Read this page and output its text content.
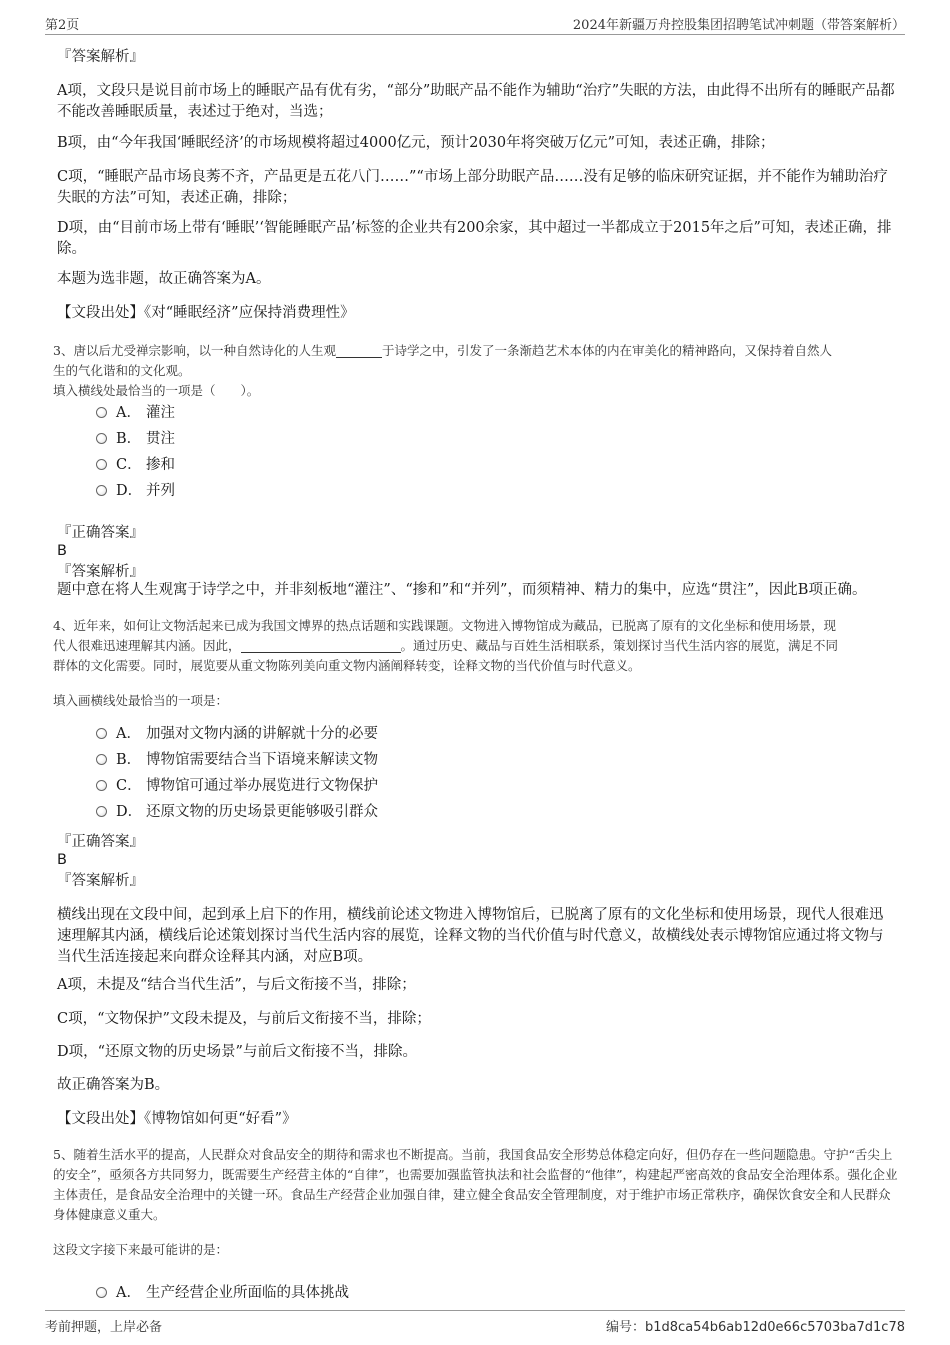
第2页	2024年新疆万舟控股集团招聘笔试冲刺题（带答案解析）
『答案解析』
A项，文段只是说目前市场上的睡眠产品有优有劣，“部分”助眠产品不能作为辅助“治疗”失眠的方法，由此得不出所有的睡眠产品都不能改善睡眠质量，表述过于绝对，当选；
B项，由“今年我国‘睡眠经济’的市场规模将超过4000亿元，预计2030年将突破万亿元”可知，表述正确，排除；
C项，“睡眠产品市场良莠不齐，产品更是五花八门……”“市场上部分助眠产品……没有足够的临床研究证据，并不能作为辅助治疗失眠的方法”可知，表述正确，排除；
D项，由“目前市场上带有‘睡眠’‘智能睡眠产品’标签的企业共有200余家，其中超过一半都成立于2015年之后”可知，表述正确，排除。
本题为选非题，故正确答案为A。
【文段出处】《对“睡眠经济”应保持消费理性》
3、唐以后尤受禅宗影响，以一种自然诗化的人生观	于诗学之中，引发了一条渐趋艺术本体的内在审美化的精神路向，又保持着自然人
生的气化谐和的文化观。
填入横线处最恰当的一项是（　　）。
A． 灌注
B． 贯注
C． 掺和
D． 并列
『正确答案』
B
『答案解析』
题中意在将人生观寓于诗学之中，并非刻板地“灌注”、“掺和”和“并列”，而须精神、精力的集中，应选“贯注”，因此B项正确。
4、近年来，如何让文物活起来已成为我国文博界的热点话题和实践课题。文物进入博物馆成为藏品，已脱离了原有的文化坐标和使用场景，现
代人很难迅速理解其内涵。因此，	。通过历史、藏品与百姓生活相联系，策划探讨当代生活内容的展览，满足不同
群体的文化需要。同时，展览要从重文物陈列美向重文物内涵阐释转变，诠释文物的当代价值与时代意义。
填入画横线处最恰当的一项是：
A． 加强对文物内涵的讲解就十分的必要
B． 博物馆需要结合当下语境来解读文物
C． 博物馆可通过举办展览进行文物保护
D． 还原文物的历史场景更能够吸引群众
『正确答案』
B
『答案解析』
横线出现在文段中间，起到承上启下的作用，横线前论述文物进入博物馆后，已脱离了原有的文化坐标和使用场景，现代人很难迅速理解其内涵，横线后论述策划探讨当代生活内容的展览，诠释文物的当代价值与时代意义，故横线处表示博物馆应通过将文物与当代生活连接起来向群众诠释其内涵，对应B项。
A项，未提及“结合当代生活”，与后文衔接不当，排除；
C项，“文物保护”文段未提及，与前后文衔接不当，排除；
D项，“还原文物的历史场景”与前后文衔接不当，排除。
故正确答案为B。
【文段出处】《博物馆如何更“好看”》
5、随着生活水平的提高，人民群众对食品安全的期待和需求也不断提高。当前，我国食品安全形势总体稳定向好，但仍存在一些问题隐患。守护“舌尖上的安全”，亟须各方共同努力，既需要生产经营主体的“自律”，也需要加强监管执法和社会监督的“他律”，构建起严密高效的食品安全治理体系。强化企业主体责任，是食品安全治理中的关键一环。食品生产经营企业加强自律，建立健全食品安全管理制度，对于维护市场正常秩序，确保饮食安全和人民群众身体健康意义重大。
这段文字接下来最可能讲的是：
A． 生产经营企业所面临的具体挑战
考前押题，上岸必备	编号：b1d8ca54b6ab12d0e66c5703ba7d1c78
